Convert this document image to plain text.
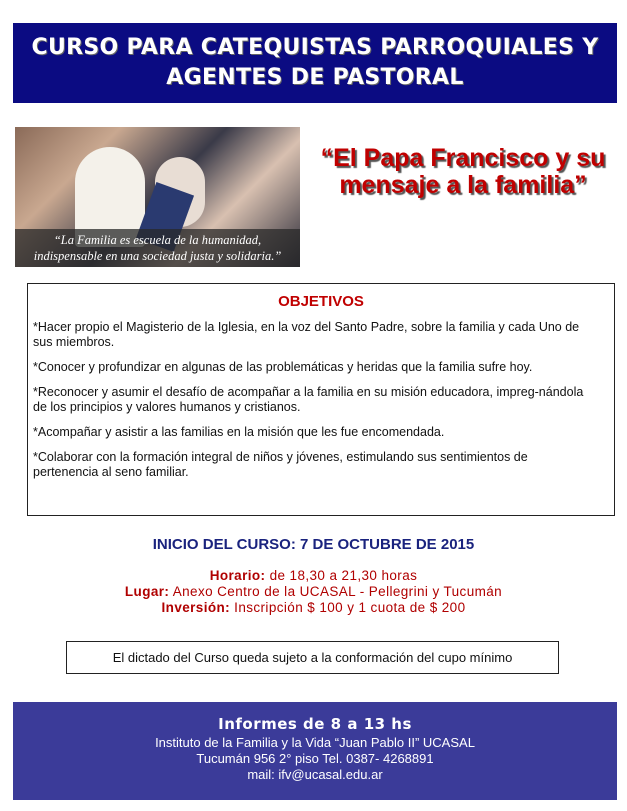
CURSO PARA CATEQUISTAS PARROQUIALES Y
AGENTES DE PASTORAL
“La Familia es escuela de la humanidad,
indispensable en una sociedad justa y solidaria.”
“El Papa Francisco y su mensaje a la familia”
OBJETIVOS

*Hacer propio el Magisterio de la Iglesia, en la voz del Santo Padre, sobre la familia y cada Uno de sus miembros.

*Conocer y profundizar en algunas de las problemáticas y heridas que la familia sufre hoy.

*Reconocer y asumir el desafío de acompañar a la familia en su misión educadora, impreg-nándola de los principios y valores humanos y cristianos.

*Acompañar y asistir a las familias en la misión que les fue encomendada.

*Colaborar con la formación integral de niños y jóvenes, estimulando sus sentimientos de pertenencia al seno familiar.

INICIO DEL CURSO: 7 DE OCTUBRE DE 2015
Horario: de 18,30 a 21,30 horas
Lugar: Anexo Centro de la UCASAL - Pellegrini y Tucumán
Inversión: Inscripción $ 100 y 1 cuota de $ 200
El dictado del Curso queda sujeto a la conformación del cupo mínimo
Informes de 8 a 13 hs
Instituto de la Familia y la Vida “Juan Pablo II” UCASAL
Tucumán 956 2° piso Tel. 0387- 4268891
mail: ifv@ucasal.edu.ar
